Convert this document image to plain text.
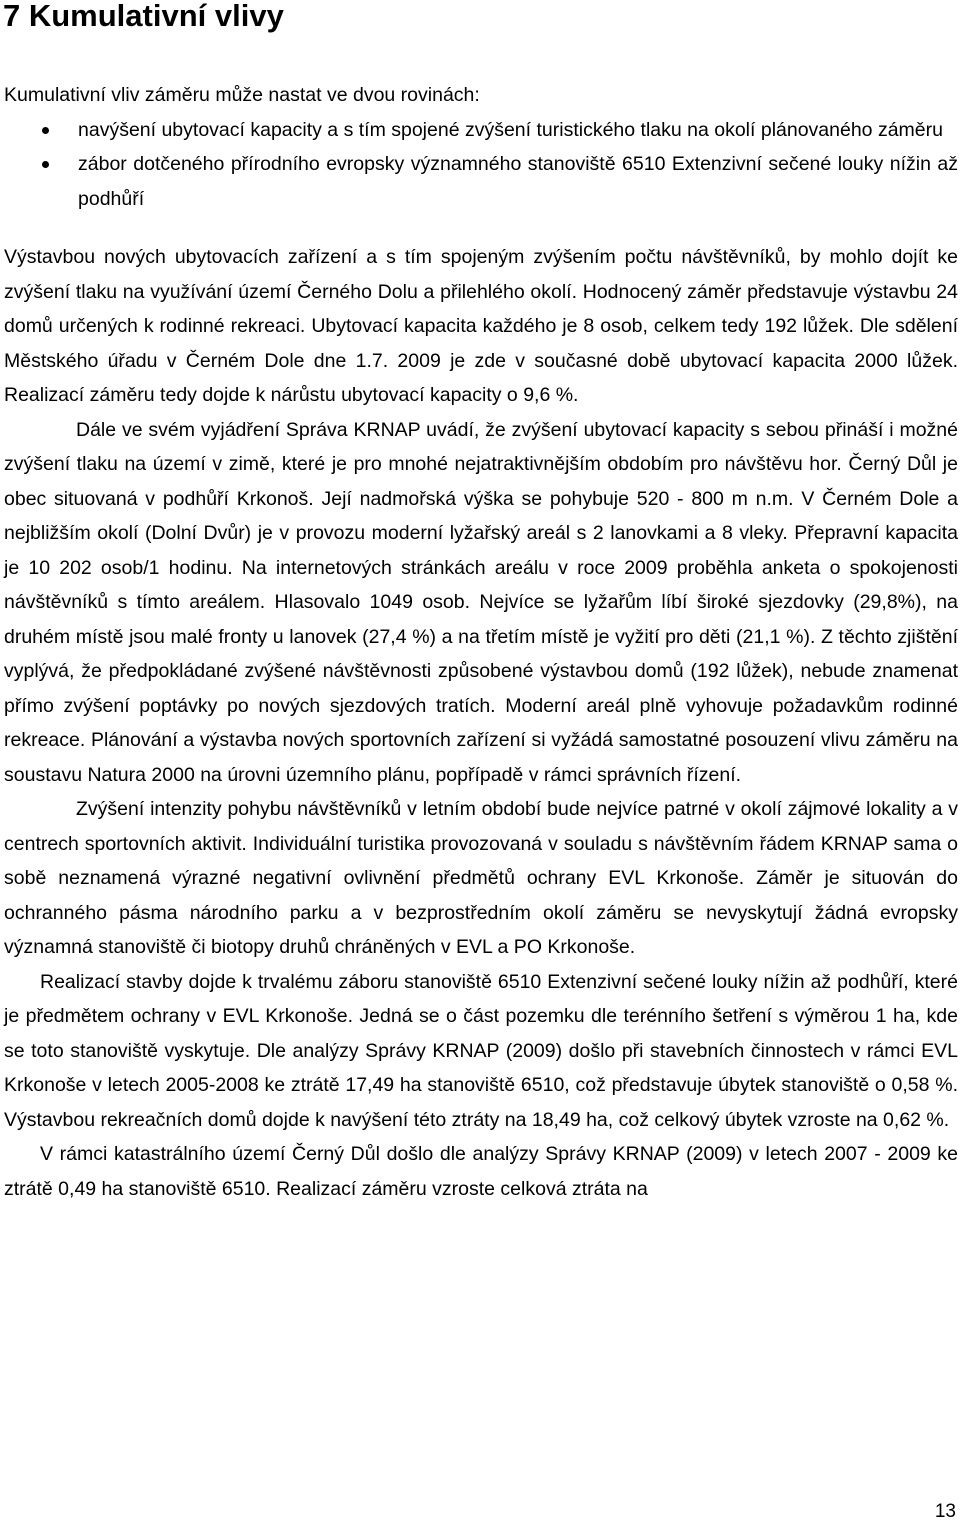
7 Kumulativní vlivy

Kumulativní vliv záměru může nastat ve dvou rovinách:

navýšení ubytovací kapacity a s tím spojené zvýšení turistického tlaku na okolí plánovaného záměru
zábor dotčeného přírodního evropsky významného stanoviště 6510 Extenzivní sečené louky nížin až podhůří

Výstavbou nových ubytovacích zařízení a s tím spojeným zvýšením počtu návštěvníků, by mohlo dojít ke zvýšení tlaku na využívání území Černého Dolu a přilehlého okolí. Hodnocený záměr představuje výstavbu 24 domů určených k rodinné rekreaci. Ubytovací kapacita každého je 8 osob, celkem tedy 192 lůžek. Dle sdělení Městského úřadu v Černém Dole dne 1.7. 2009 je zde v současné době ubytovací kapacita 2000 lůžek. Realizací záměru tedy dojde k nárůstu ubytovací kapacity o 9,6 %.

Dále ve svém vyjádření Správa KRNAP uvádí, že zvýšení ubytovací kapacity s sebou přináší i možné zvýšení tlaku na území v zimě, které je pro mnohé nejatraktivnějším obdobím pro návštěvu hor. Černý Důl je obec situovaná v podhůří Krkonoš. Její nadmořská výška se pohybuje 520 - 800 m n.m. V Černém Dole a nejbližším okolí (Dolní Dvůr) je v provozu moderní lyžařský areál s 2 lanovkami a 8 vleky. Přepravní kapacita je 10 202 osob/1 hodinu. Na internetových stránkách areálu v roce 2009 proběhla anketa o spokojenosti návštěvníků s tímto areálem. Hlasovalo 1049 osob. Nejvíce se lyžařům líbí široké sjezdovky (29,8%), na druhém místě jsou malé fronty u lanovek (27,4 %) a na třetím místě je vyžití pro děti (21,1 %). Z těchto zjištění vyplývá, že předpokládané zvýšené návštěvnosti způsobené výstavbou domů (192 lůžek), nebude znamenat přímo zvýšení poptávky po nových sjezdových tratích. Moderní areál plně vyhovuje požadavkům rodinné rekreace. Plánování a výstavba nových sportovních zařízení si vyžádá samostatné posouzení vlivu záměru na soustavu Natura 2000 na úrovni územního plánu, popřípadě v rámci správních řízení.

Zvýšení intenzity pohybu návštěvníků v letním období bude nejvíce patrné v okolí zájmové lokality a v centrech sportovních aktivit. Individuální turistika provozovaná v souladu s návštěvním řádem KRNAP sama o sobě neznamená výrazné negativní ovlivnění předmětů ochrany EVL Krkonoše. Záměr je situován do ochranného pásma národního parku a v bezprostředním okolí záměru se nevyskytují žádná evropsky významná stanoviště či biotopy druhů chráněných v EVL a PO Krkonoše.

Realizací stavby dojde k trvalému záboru stanoviště 6510 Extenzivní sečené louky nížin až podhůří, které je předmětem ochrany v EVL Krkonoše. Jedná se o část pozemku dle terénního šetření s výměrou 1 ha, kde se toto stanoviště vyskytuje. Dle analýzy Správy KRNAP (2009) došlo při stavebních činnostech v rámci EVL Krkonoše v letech 2005-2008 ke ztrátě 17,49 ha stanoviště 6510, což představuje úbytek stanoviště o 0,58 %. Výstavbou rekreačních domů dojde k navýšení této ztráty na 18,49 ha, což celkový úbytek vzroste na 0,62 %.

V rámci katastrálního území Černý Důl došlo dle analýzy Správy KRNAP (2009) v letech 2007 - 2009 ke ztrátě 0,49 ha stanoviště 6510. Realizací záměru vzroste celková ztráta na

13
